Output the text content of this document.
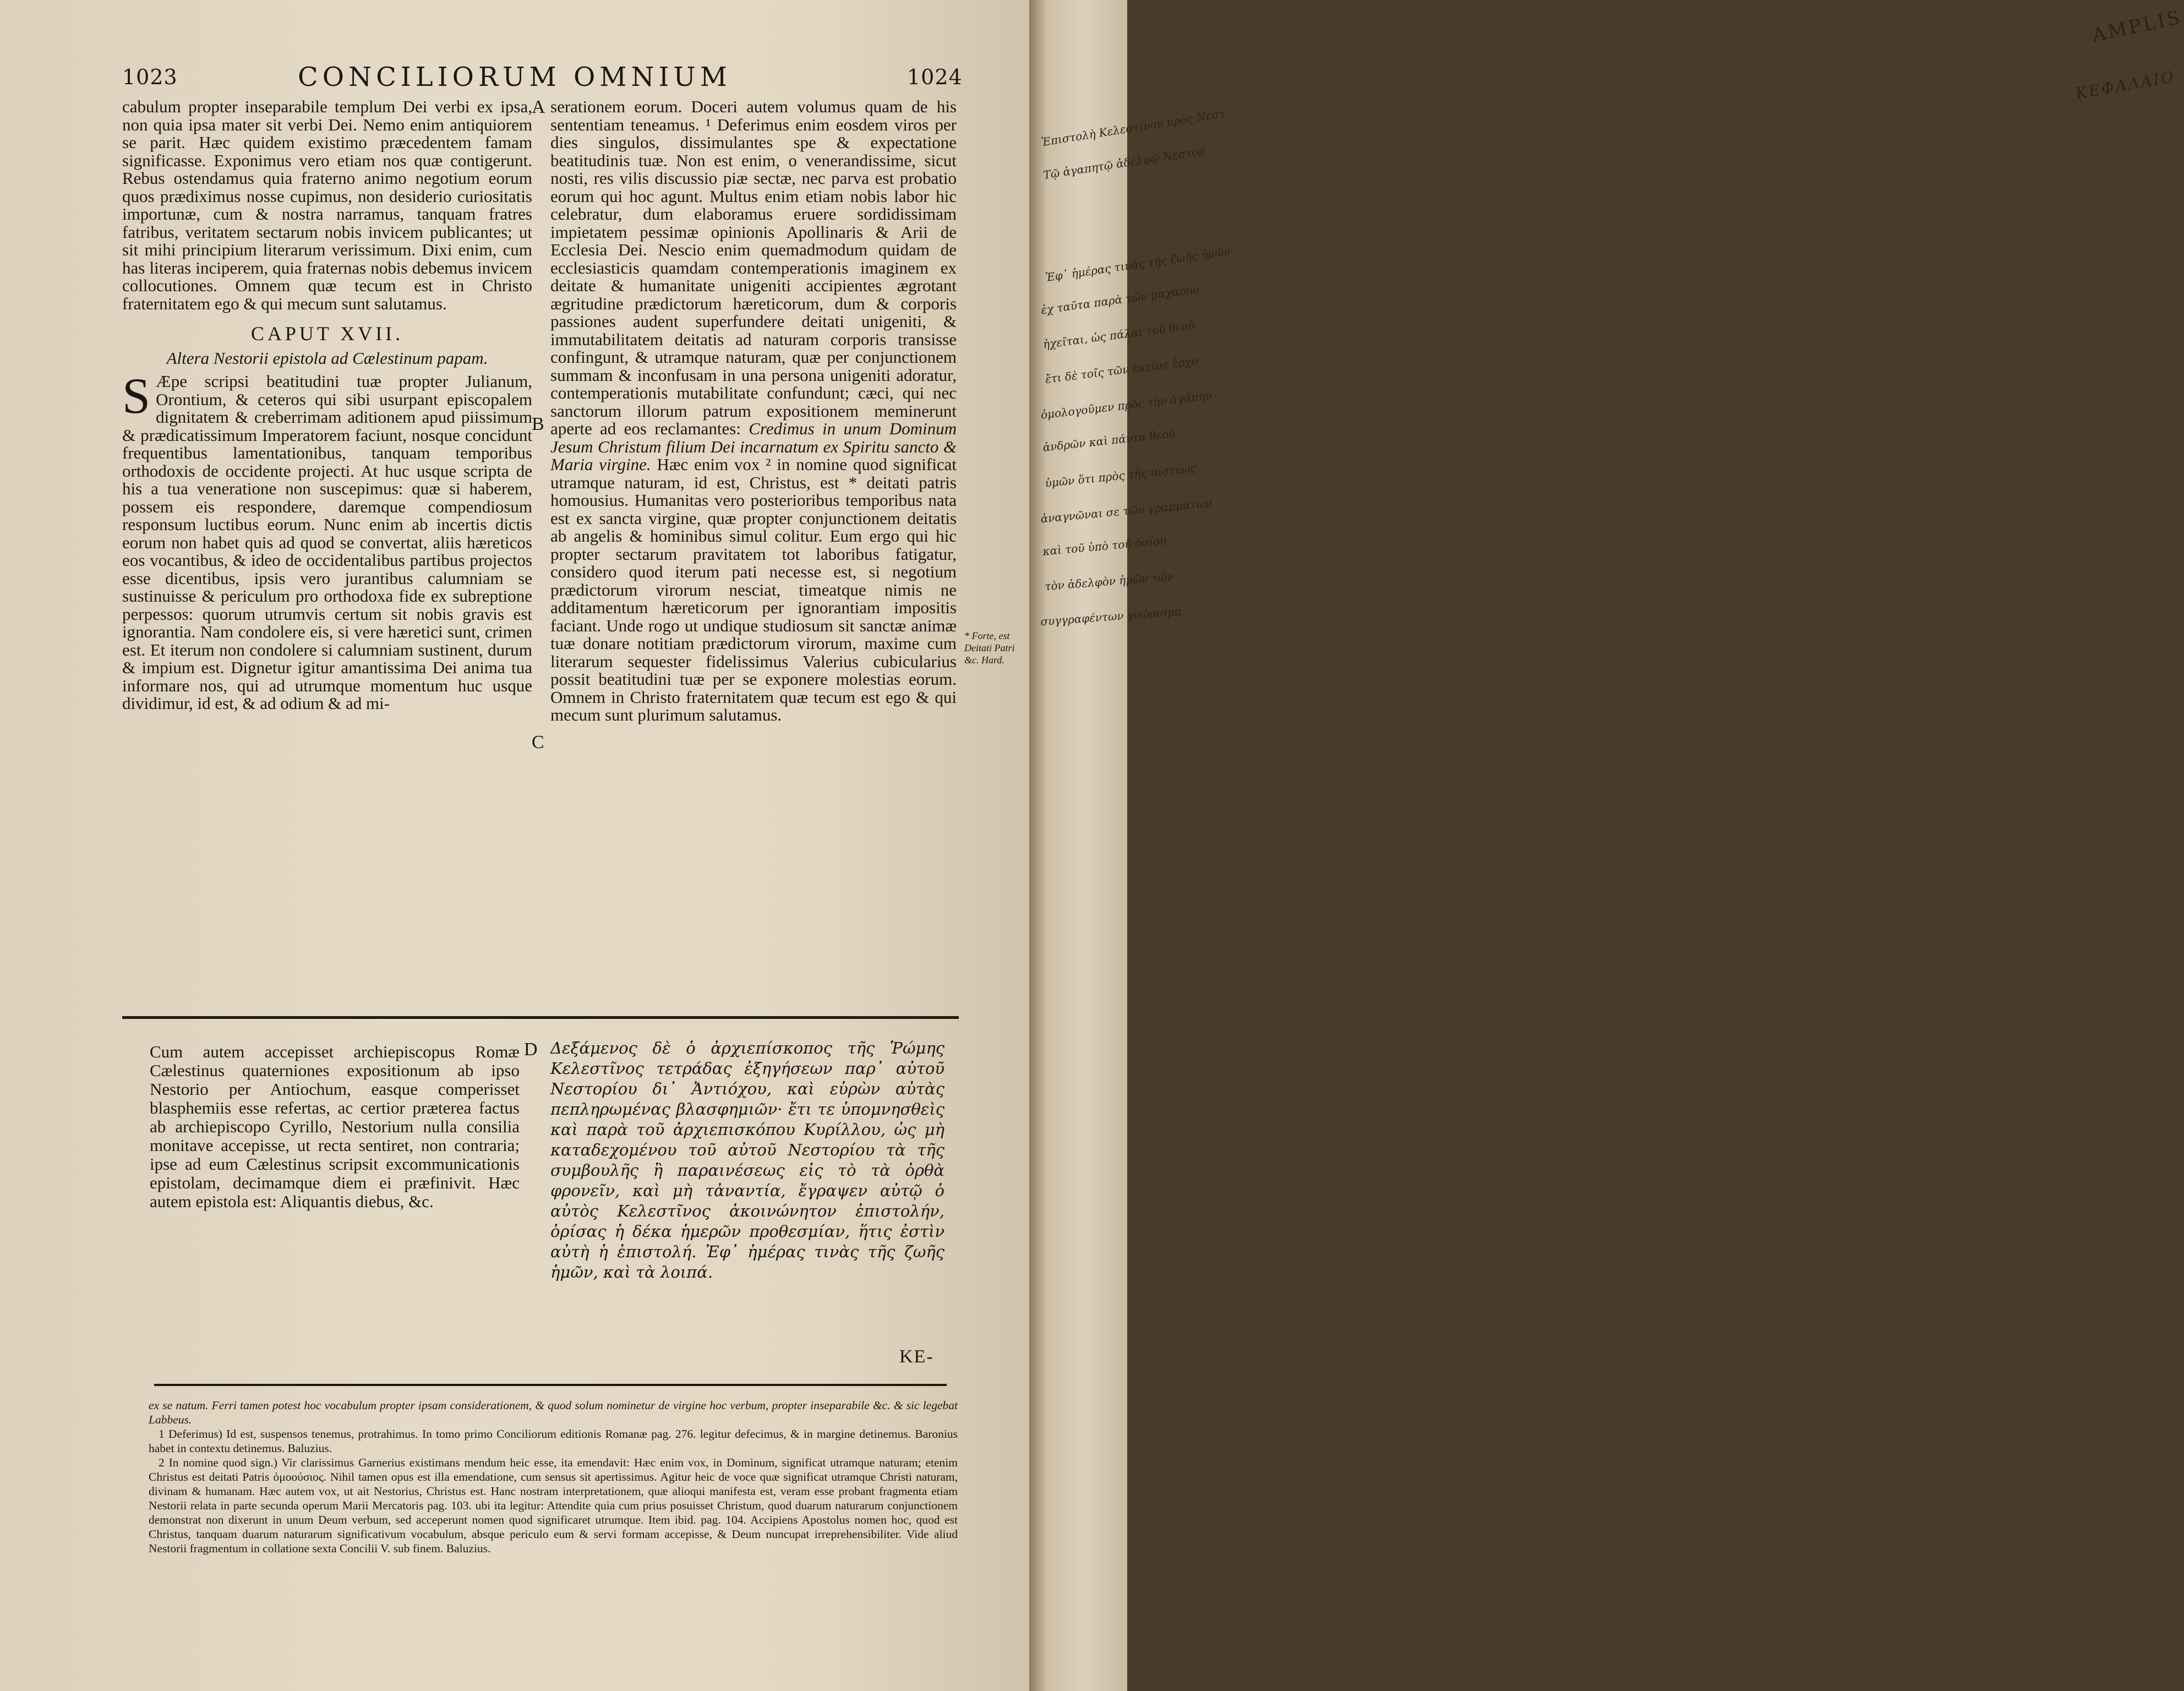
1023	CONCILIORUM OMNIUM	1024
A
B
C
D

cabulum propter inseparabile templum Dei verbi ex ipsa, non quia ipsa mater sit verbi Dei. Nemo enim antiquiorem se parit. Hæc quidem existimo præcedentem famam significasse. Exponimus vero etiam nos quæ contigerunt. Rebus ostendamus quia fraterno animo negotium eorum quos prædiximus nosse cupimus, non desiderio curiositatis importunæ, cum & nostra narramus, tanquam fratres fatribus, veritatem sectarum nobis invicem publicantes; ut sit mihi principium literarum verissimum. Dixi enim, cum has literas inciperem, quia fraternas nobis debemus invicem collocutiones. Omnem quæ tecum est in Christo fraternitatem ego & qui mecum sunt salutamus.

CAPUT XVII.

Altera Nestorii epistola ad Cælestinum papam.

S Æpe scripsi beatitudini tuæ propter Julianum, Orontium, & ceteros qui sibi usurpant episcopalem dignitatem & creberrimam aditionem apud piissimum & prædicatissimum Imperatorem faciunt, nosque concidunt frequentibus lamentationibus, tanquam temporibus orthodoxis de occidente projecti. At huc usque scripta de his a tua veneratione non suscepimus: quæ si haberem, possem eis respondere, daremque compendiosum responsum luctibus eorum. Nunc enim ab incertis dictis eorum non habet quis ad quod se convertat, aliis hæreticos eos vocantibus, & ideo de occidentalibus partibus projectos esse dicentibus, ipsis vero jurantibus calumniam se sustinuisse & periculum pro orthodoxa fide ex subreptione perpessos: quorum utrumvis certum sit nobis gravis est ignorantia. Nam condolere eis, si vere hæretici sunt, crimen est. Et iterum non condolere si calumniam sustinent, durum & impium est. Dignetur igitur amantissima Dei anima tua informare nos, qui ad utrumque momentum huc usque dividimur, id est, & ad odium & ad mi-

serationem eorum. Doceri autem volumus quam de his sententiam teneamus. ¹ Deferimus enim eosdem viros per dies singulos, dissimulantes spe & expectatione beatitudinis tuæ. Non est enim, o venerandissime, sicut nosti, res vilis discussio piæ sectæ, nec parva est probatio eorum qui hoc agunt. Multus enim etiam nobis labor hic celebratur, dum elaboramus eruere sordidissimam impietatem pessimæ opinionis Apollinaris & Arii de Ecclesia Dei. Nescio enim quemadmodum quidam de ecclesiasticis quamdam contemperationis imaginem ex deitate & humanitate unigeniti accipientes ægrotant ægritudine prædictorum hæreticorum, dum & corporis passiones audent superfundere deitati unigeniti, & immutabilitatem deitatis ad naturam corporis transisse confingunt, & utramque naturam, quæ per conjunctionem summam & inconfusam in una persona unigeniti adoratur, contemperationis mutabilitate confundunt; cæci, qui nec sanctorum illorum patrum expositionem meminerunt aperte ad eos reclamantes: Credimus in unum Dominum Jesum Christum filium Dei incarnatum ex Spiritu sancto & Maria virgine. Hæc enim vox ² in nomine quod significat utramque naturam, id est, Christus, est * deitati patris homousius. Humanitas vero posterioribus temporibus nata est ex sancta virgine, quæ propter conjunctionem deitatis ab angelis & hominibus simul colitur. Eum ergo qui hic propter sectarum pravitatem tot laboribus fatigatur, considero quod iterum pati necesse est, si negotium prædictorum virorum nesciat, timeatque nimis ne additamentum hæreticorum per ignorantiam impositis faciant. Unde rogo ut undique studiosum sit sanctæ animæ tuæ donare notitiam prædictorum virorum, maxime cum literarum sequester fidelissimus Valerius cubicularius possit beatitudini tuæ per se exponere molestias eorum. Omnem in Christo fraternitatem quæ tecum est ego & qui mecum sunt plurimum salutamus.

* Forte, est Deitati Patri &c. Hard.
Cum autem accepisset archiepiscopus Romæ Cælestinus quaterniones expositionum ab ipso Nestorio per Antiochum, easque comperisset blasphemiis esse refertas, ac certior præterea factus ab archiepiscopo Cyrillo, Nestorium nulla consilia monitave accepisse, ut recta sentiret, non contraria; ipse ad eum Cælestinus scripsit excommunicationis epistolam, decimamque diem ei præfinivit. Hæc autem epistola est: Aliquantis diebus, &c.
Δεξάμενος δὲ ὁ ἀρχιεπίσκοπος τῆς Ῥώμης Κελεστῖνος τετράδας ἐξηγήσεων παρ᾽ αὐτοῦ Νεστορίου δι᾽ Ἀντιόχου, καὶ εὑρὼν αὐτὰς πεπληρωμένας βλασφημιῶν· ἔτι τε ὑπομνησθεὶς καὶ παρὰ τοῦ ἀρχιεπισκόπου Κυρίλλου, ὡς μὴ καταδεχομένου τοῦ αὐτοῦ Νεστορίου τὰ τῆς συμβουλῆς ἢ παραινέσεως εἰς τὸ τὰ ὀρθὰ φρονεῖν, καὶ μὴ τἀναντία, ἔγραψεν αὐτῷ ὁ αὐτὸς Κελεστῖνος ἀκοινώνητον ἐπιστολήν, ὁρίσας ἡ δέκα ἡμερῶν προθεσμίαν, ἥτις ἐστὶν αὐτὴ ἡ ἐπιστολή. Ἐφ᾽ ἡμέρας τινὰς τῆς ζωῆς ἡμῶν, καὶ τὰ λοιπά.
KE-

ex se natum. Ferri tamen potest hoc vocabulum propter ipsam considerationem, & quod solum nominetur de virgine hoc verbum, propter inseparabile &c. & sic legebat Labbeus.

1 Deferimus) Id est, suspensos tenemus, protrahimus. In tomo primo Conciliorum editionis Romanæ pag. 276. legitur defecimus, & in margine detinemus. Baronius habet in contextu detinemus. Baluzius.

2 In nomine quod sign.) Vir clarissimus Garnerius existimans mendum heic esse, ita emendavit: Hæc enim vox, in Dominum, significat utramque naturam; etenim Christus est deitati Patris ὁμοούσιος. Nihil tamen opus est illa emendatione, cum sensus sit apertissimus. Agitur heic de voce quæ significat utramque Christi naturam, divinam & humanam. Hæc autem vox, ut ait Nestorius, Christus est. Hanc nostram interpretationem, quæ alioqui manifesta est, veram esse probant fragmenta etiam Nestorii relata in parte secunda operum Marii Mercatoris pag. 103. ubi ita legitur: Attendite quia cum prius posuisset Christum, quod duarum naturarum conjunctionem demonstrat non dixerunt in unum Deum verbum, sed acceperunt nomen quod significaret utrumque. Item ibid. pag. 104. Accipiens Apostolus nomen hoc, quod est Christus, tanquam duarum naturarum significativum vocabulum, absque periculo eum & servi formam accepisse, & Deum nuncupat irreprehensibiliter. Vide aliud Nestorii fragmentum in collatione sexta Concilii V. sub finem. Baluzius.

AMPLIS
101 ΚΕΦΑΛΑΙΟ
Ἐπιστολὴ Κελεστίνου πρὸς Νεστ
Τῷ ἀγαπητῷ ἀδελφῷ Νεστορ
Ἐφ᾽ ἡμέρας τινὰς τῆς ζωῆς ἡμῶν
ἐχ ταῦτα παρὰ τῶν μαχαριω
ἠχεῖται, ὡς πάλαι τοῦ θεοῦ
ἔτι δὲ τοῖς τῶν ἐκεῖσε ἐρχο
ὁμολογοῦμεν πρὸς τὴν ἀγάπην
ἀνδρῶν καὶ πάντα θεοῦ
ὑμῶν ὅτι πρὸς τῆς πίστεως
ἀναγνῶναι σε τῶν γραμμάτων
καὶ τοῦ ὑπὸ τοῦ ὁσίου
τὸν ἀδελφὸν ἡμῶν τῶν
συγγραφέντων γνώρισμα
